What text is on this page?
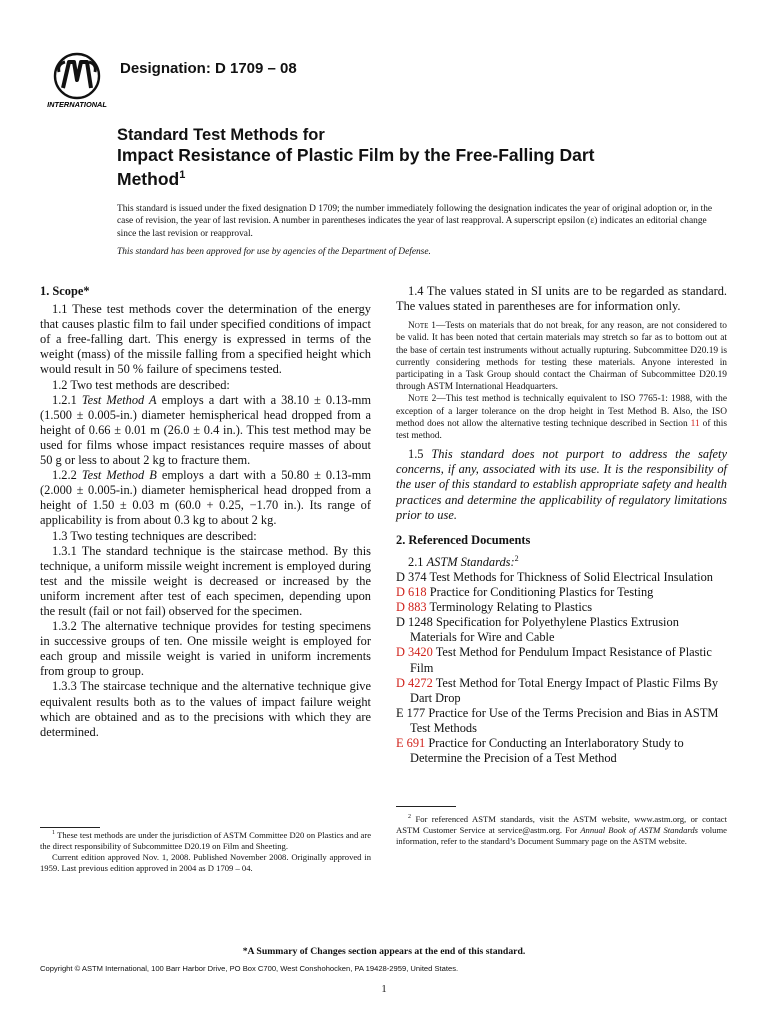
INTERNATIONAL
Designation: D 1709 – 08
Standard Test Methods for
Impact Resistance of Plastic Film by the Free-Falling Dart
Method$^1$
This standard is issued under the fixed designation D 1709; the number immediately following the designation indicates the year of original adoption or, in the case of revision, the year of last revision. A number in parentheses indicates the year of last reapproval. A superscript epsilon (ε) indicates an editorial change since the last revision or reapproval.
This standard has been approved for use by agencies of the Department of Defense.

1. Scope*

1.1 These test methods cover the determination of the energy that causes plastic film to fail under specified conditions of impact of a free-falling dart. This energy is expressed in terms of the weight (mass) of the missile falling from a specified height which would result in 50 % failure of specimens tested.

1.2 Two test methods are described:

1.2.1 Test Method A employs a dart with a 38.10 ± 0.13-mm (1.500 ± 0.005-in.) diameter hemispherical head dropped from a height of 0.66 ± 0.01 m (26.0 ± 0.4 in.). This test method may be used for films whose impact resistances require masses of about 50 g or less to about 2 kg to fracture them.

1.2.2 Test Method B employs a dart with a 50.80 ± 0.13-mm (2.000 ± 0.005-in.) diameter hemispherical head dropped from a height of 1.50 ± 0.03 m (60.0 + 0.25, −1.70 in.). Its range of applicability is from about 0.3 kg to about 2 kg.

1.3 Two testing techniques are described:

1.3.1 The standard technique is the staircase method. By this technique, a uniform missile weight increment is employed during test and the missile weight is decreased or increased by the uniform increment after test of each specimen, depending upon the result (fail or not fail) observed for the specimen.

1.3.2 The alternative technique provides for testing specimens in successive groups of ten. One missile weight is employed for each group and missile weight is varied in uniform increments from group to group.

1.3.3 The staircase technique and the alternative technique give equivalent results both as to the values of impact failure weight which are obtained and as to the precisions with which they are determined.

1.4 The values stated in SI units are to be regarded as standard. The values stated in parentheses are for information only.

Note 1—Tests on materials that do not break, for any reason, are not considered to be valid. It has been noted that certain materials may stretch so far as to bottom out at the base of certain test instruments without actually rupturing. Subcommittee D20.19 is currently considering methods for testing these materials. Anyone interested in participating in a Task Group should contact the Chairman of Subcommittee D20.19 through ASTM International Headquarters.

Note 2—This test method is technically equivalent to ISO 7765-1: 1988, with the exception of a larger tolerance on the drop height in Test Method B. Also, the ISO method does not allow the alternative testing technique described in Section 11 of this test method.

1.5 This standard does not purport to address the safety concerns, if any, associated with its use. It is the responsibility of the user of this standard to establish appropriate safety and health practices and determine the applicability of regulatory limitations prior to use.

2. Referenced Documents

2.1 ASTM Standards:$^2$

D 374 Test Methods for Thickness of Solid Electrical Insulation

D 618 Practice for Conditioning Plastics for Testing

D 883 Terminology Relating to Plastics

D 1248 Specification for Polyethylene Plastics Extrusion Materials for Wire and Cable

D 3420 Test Method for Pendulum Impact Resistance of Plastic Film

D 4272 Test Method for Total Energy Impact of Plastic Films By Dart Drop

E 177 Practice for Use of the Terms Precision and Bias in ASTM Test Methods

E 691 Practice for Conducting an Interlaboratory Study to Determine the Precision of a Test Method

$^1$ These test methods are under the jurisdiction of ASTM Committee D20 on Plastics and are the direct responsibility of Subcommittee D20.19 on Film and Sheeting.

Current edition approved Nov. 1, 2008. Published November 2008. Originally approved in 1959. Last previous edition approved in 2004 as D 1709 – 04.

$^2$ For referenced ASTM standards, visit the ASTM website, www.astm.org, or contact ASTM Customer Service at service@astm.org. For Annual Book of ASTM Standards volume information, refer to the standard’s Document Summary page on the ASTM website.

*A Summary of Changes section appears at the end of this standard.
Copyright © ASTM International, 100 Barr Harbor Drive, PO Box C700, West Conshohocken, PA 19428-2959, United States.
1
